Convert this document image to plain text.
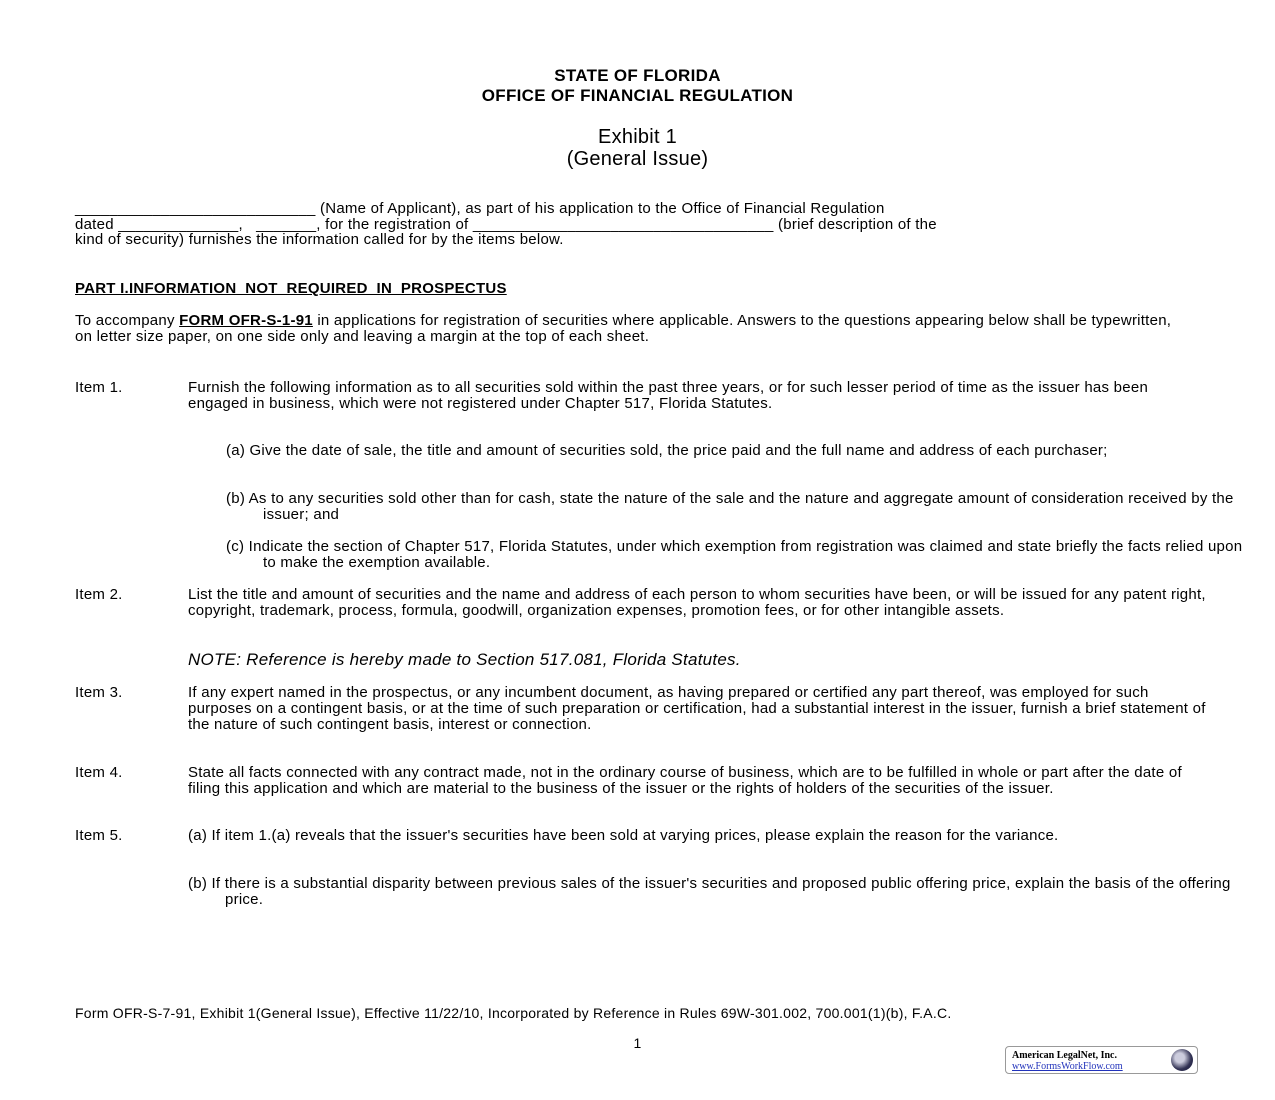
STATE OF FLORIDA
OFFICE OF FINANCIAL REGULATION
Exhibit 1
(General Issue)
____________________________ (Name of Applicant), as part of his application to the Office of Financial Regulation
dated ______________,   _______, for the registration of ___________________________________ (brief description of the
kind of security) furnishes the information called for by the items below.
PART I.INFORMATION  NOT  REQUIRED  IN  PROSPECTUS
To accompany FORM OFR-S-1-91 in applications for registration of securities where applicable. Answers to the questions appearing below shall be typewritten, on letter size paper, on one side only and leaving a margin at the top of each sheet.
Item 1.	Furnish the following information as to all securities sold within the past three years, or for such lesser period of time as the issuer has been engaged in business, which were not registered under Chapter 517, Florida Statutes.
(a) Give the date of sale, the title and amount of securities sold, the price paid and the full name and address of each purchaser;
(b) As to any securities sold other than for cash, state the nature of the sale and the nature and aggregate amount of consideration received by the issuer; and
(c) Indicate the section of Chapter 517, Florida Statutes, under which exemption from registration was claimed and state briefly the facts relied upon to make the exemption available.
Item 2.	List the title and amount of securities and the name and address of each person to whom securities have been, or will be issued for any patent right, copyright, trademark, process, formula, goodwill, organization expenses, promotion fees, or for other intangible assets.
NOTE: Reference is hereby made to Section 517.081, Florida Statutes.
Item 3.	If any expert named in the prospectus, or any incumbent document, as having prepared or certified any part thereof, was employed for such purposes on a contingent basis, or at the time of such preparation or certification, had a substantial interest in the issuer, furnish a brief statement of the nature of such contingent basis, interest or connection.
Item 4.	State all facts connected with any contract made, not in the ordinary course of business, which are to be fulfilled in whole or part after the date of filing this application and which are material to the business of the issuer or the rights of holders of the securities of the issuer.
Item 5.	(a) If item 1.(a) reveals that the issuer's securities have been sold at varying prices, please explain the reason for the variance.
(b) If there is a substantial disparity between previous sales of the issuer's securities and proposed public offering price, explain the basis of the offering price.
Form OFR-S-7-91, Exhibit 1(General Issue), Effective 11/22/10, Incorporated by Reference in Rules 69W-301.002, 700.001(1)(b), F.A.C.
1
American LegalNet, Inc.
www.FormsWorkFlow.com
